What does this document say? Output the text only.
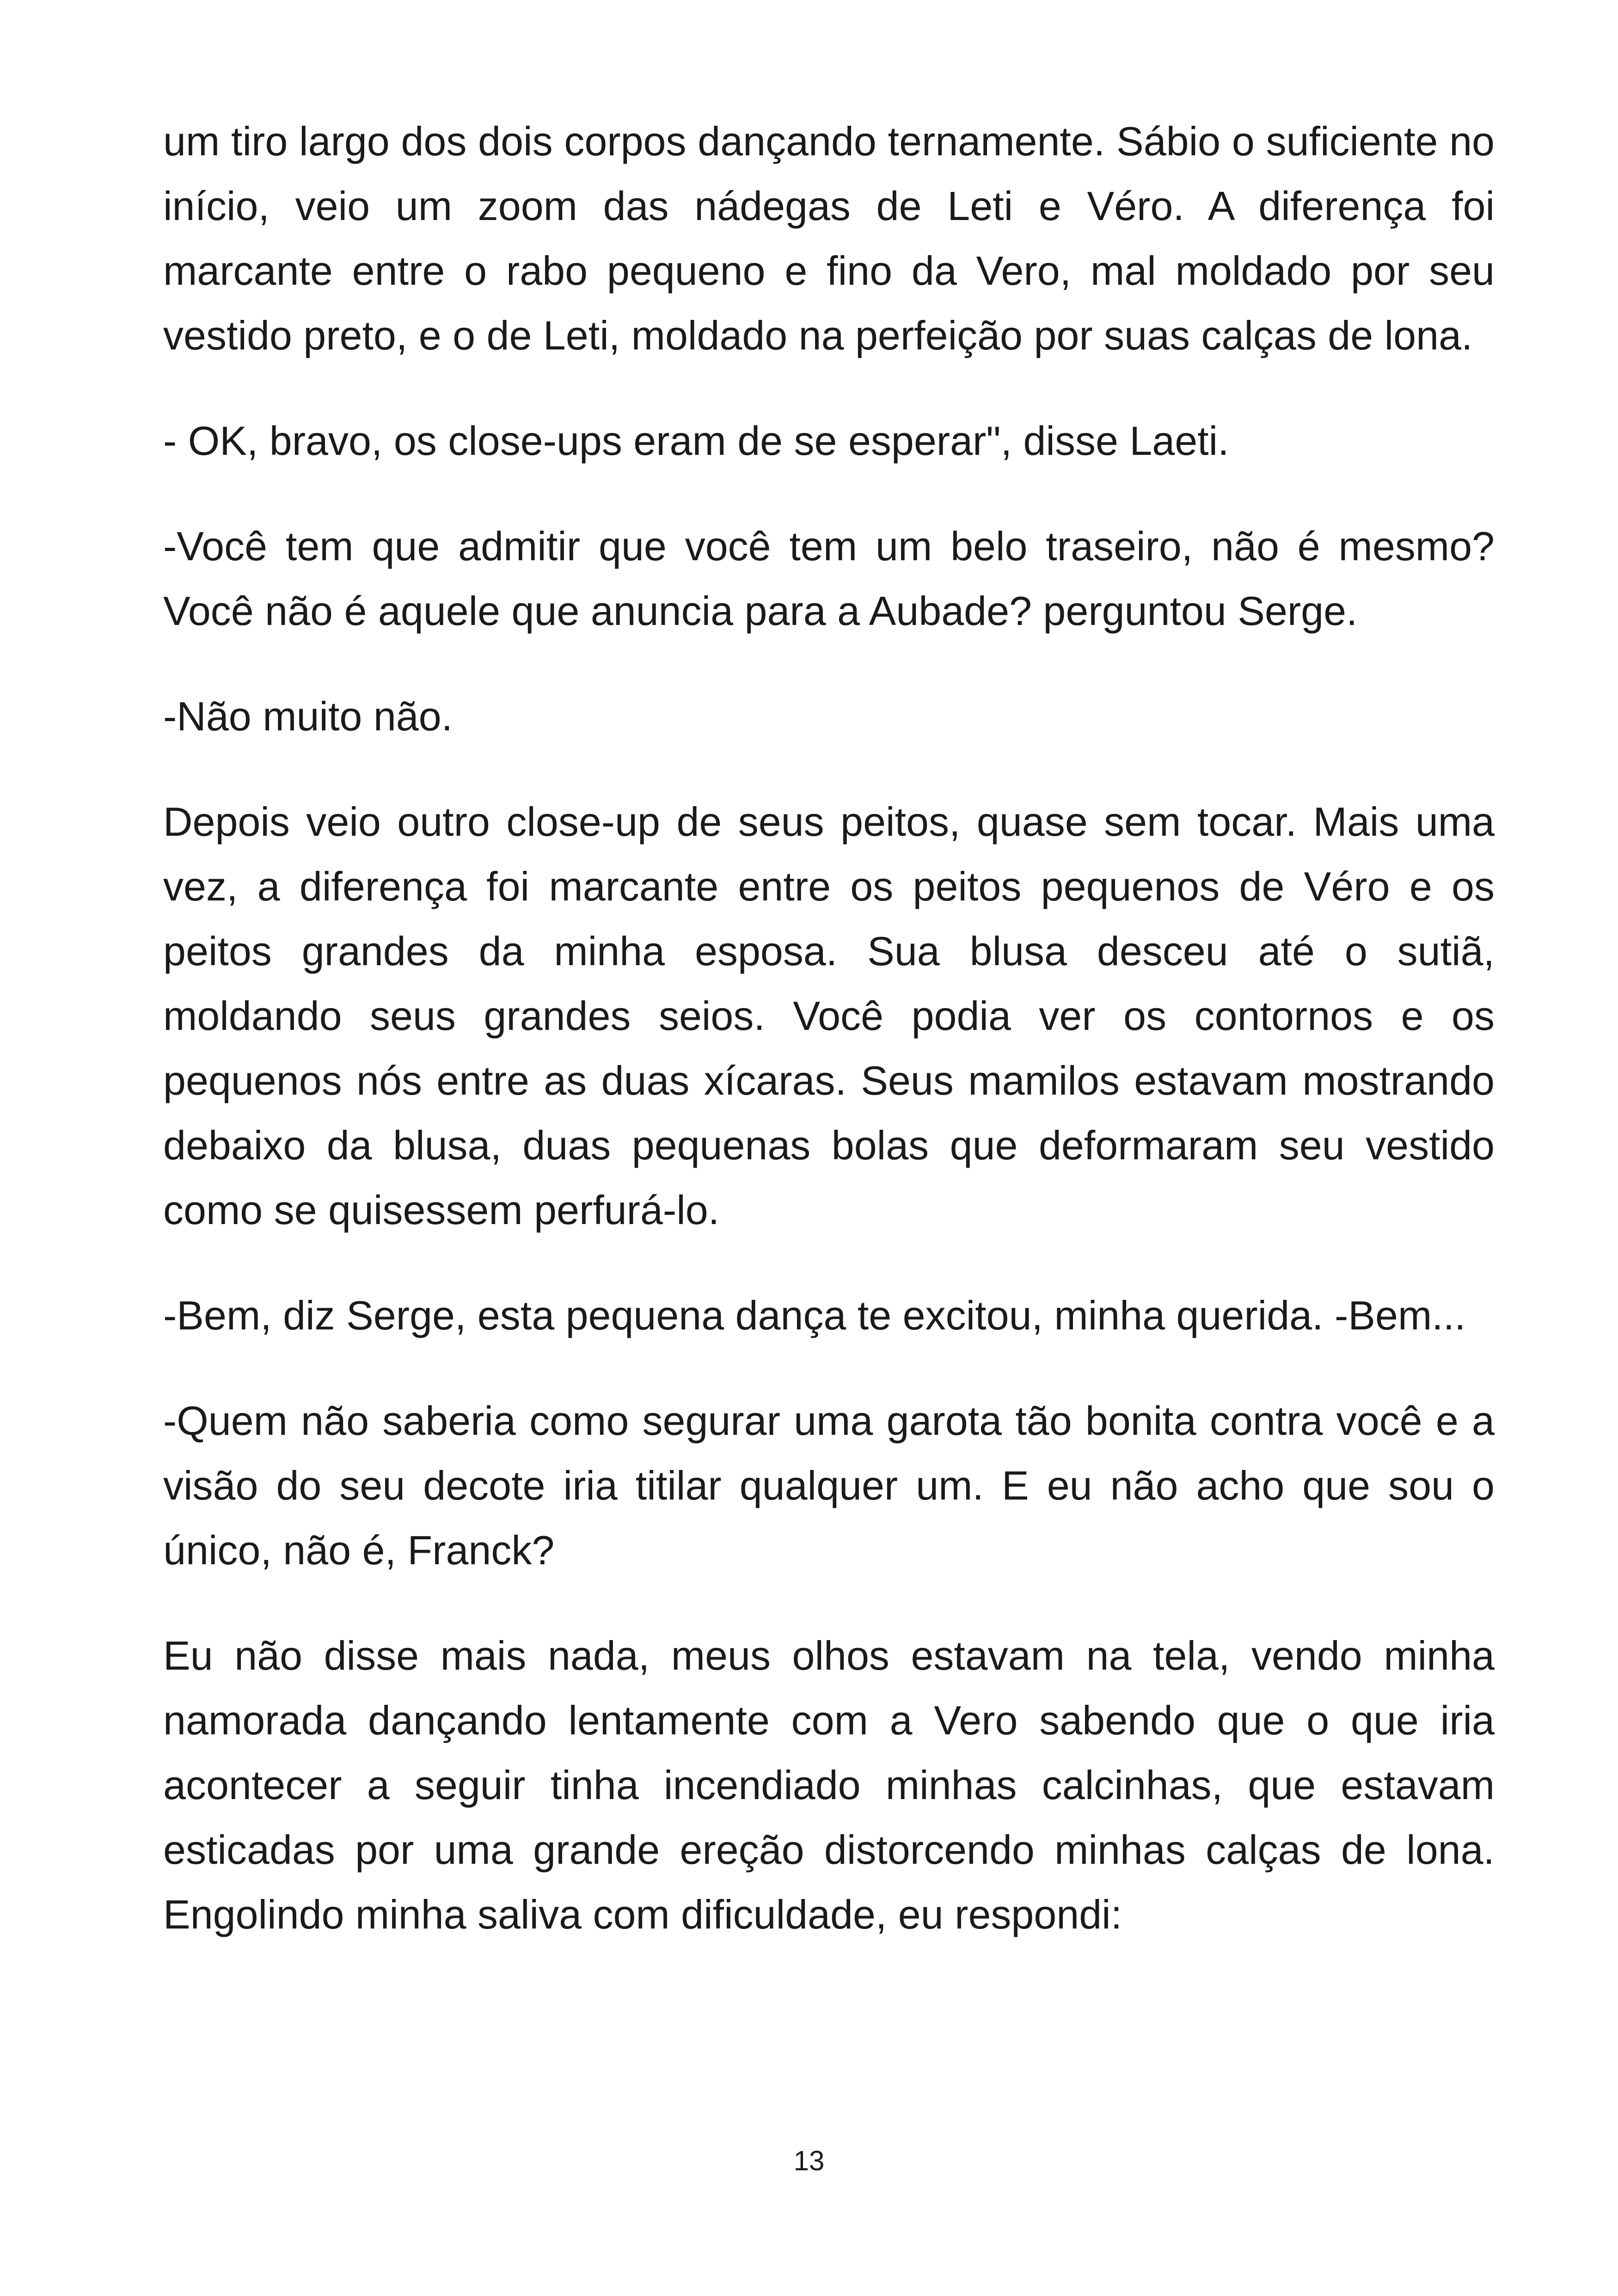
um tiro largo dos dois corpos dançando ternamente. Sábio o suficiente no início, veio um zoom das nádegas de Leti e Véro. A diferença foi marcante entre o rabo pequeno e fino da Vero, mal moldado por seu vestido preto, e o de Leti, moldado na perfeição por suas calças de lona.

- OK, bravo, os close-ups eram de se esperar", disse Laeti.

-Você tem que admitir que você tem um belo traseiro, não é mesmo? Você não é aquele que anuncia para a Aubade? perguntou Serge.

-Não muito não.

Depois veio outro close-up de seus peitos, quase sem tocar. Mais uma vez, a diferença foi marcante entre os peitos pequenos de Véro e os peitos grandes da minha esposa. Sua blusa desceu até o sutiã, moldando seus grandes seios. Você podia ver os contornos e os pequenos nós entre as duas xícaras. Seus mamilos estavam mostrando debaixo da blusa, duas pequenas bolas que deformaram seu vestido como se quisessem perfurá-lo.

-Bem, diz Serge, esta pequena dança te excitou, minha querida. -Bem...

-Quem não saberia como segurar uma garota tão bonita contra você e a visão do seu decote iria titilar qualquer um. E eu não acho que sou o único, não é, Franck?

Eu não disse mais nada, meus olhos estavam na tela, vendo minha namorada dançando lentamente com a Vero sabendo que o que iria acontecer a seguir tinha incendiado minhas calcinhas, que estavam esticadas por uma grande ereção distorcendo minhas calças de lona. Engolindo minha saliva com dificuldade, eu respondi:

13
